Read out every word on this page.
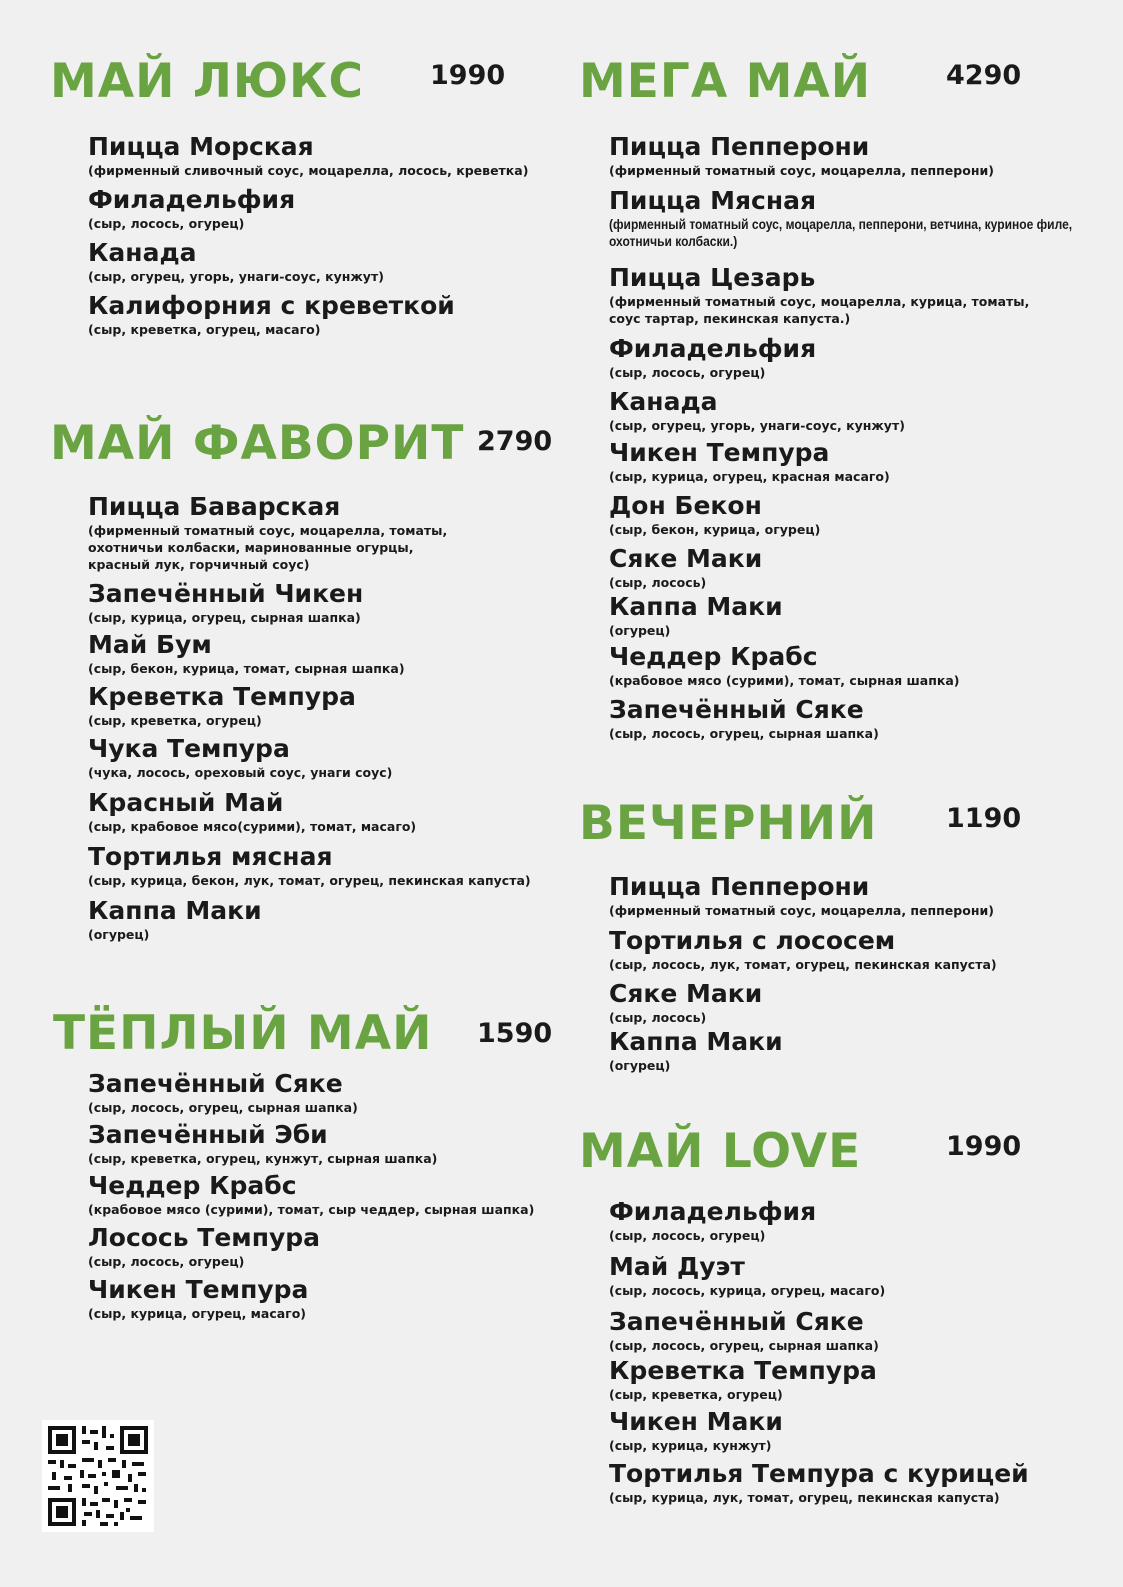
МАЙ ЛЮКС 1990
Пицца Морская
(фирменный сливочный соус, моцарелла, лосось, креветка)
Филадельфия
(сыр, лосось, огурец)
Канада
(сыр, огурец, угорь, унаги-соус, кунжут)
Калифорния с креветкой
(сыр, креветка, огурец, масаго)
МАЙ ФАВОРИТ 2790
Пицца Баварская
(фирменный томатный соус, моцарелла, томаты,
охотничьи колбаски, маринованные огурцы,
красный лук, горчичный соус)
Запечённый Чикен
(сыр, курица, огурец, сырная шапка)
Май Бум
(сыр, бекон, курица, томат, сырная шапка)
Креветка Темпура
(сыр, креветка, огурец)
Чука Темпура
(чука, лосось, ореховый соус, унаги соус)
Красный Май
(сыр, крабовое мясо(сурими), томат, масаго)
Тортилья мясная
(сыр, курица, бекон, лук, томат, огурец, пекинская капуста)
Каппа Маки
(огурец)
ТЁПЛЫЙ МАЙ 1590
Запечённый Сяке
(сыр, лосось, огурец, сырная шапка)
Запечённый Эби
(сыр, креветка, огурец, кунжут, сырная шапка)
Чеддер Крабс
(крабовое мясо (сурими), томат, сыр чеддер, сырная шапка)
Лосось Темпура
(сыр, лосось, огурец)
Чикен Темпура
(сыр, курица, огурец, масаго)
МЕГА МАЙ	4290
Пицца Пепперони
(фирменный томатный соус, моцарелла, пепперони)
Пицца Мясная
(фирменный томатный соус, моцарелла, пепперони, ветчина, куриное филе,
охотничьи колбаски.)
Пицца Цезарь
(фирменный томатный соус, моцарелла, курица, томаты,
соус тартар, пекинская капуста.)
Филадельфия
(сыр, лосось, огурец)
Канада
(сыр, огурец, угорь, унаги-соус, кунжут)
Чикен Темпура
(сыр, курица, огурец, красная масаго)
Дон Бекон
(сыр, бекон, курица, огурец)
Сяке Маки
(сыр, лосось)
Каппа Маки
(огурец)
Чеддер Крабс
(крабовое мясо (сурими), томат, сырная шапка)
Запечённый Сяке
(сыр, лосось, огурец, сырная шапка)
ВЕЧЕРНИЙ	1190
Пицца Пепперони
(фирменный томатный соус, моцарелла, пепперони)
Тортилья с лососем
(сыр, лосось, лук, томат, огурец, пекинская капуста)
Сяке Маки
(сыр, лосось)
Каппа Маки
(огурец)
МАЙ LOVE	1990
Филадельфия
(сыр, лосось, огурец)
Май Дуэт
(сыр, лосось, курица, огурец, масаго)
Запечённый Сяке
(сыр, лосось, огурец, сырная шапка)
Креветка Темпура
(сыр, креветка, огурец)
Чикен Маки
(сыр, курица, кунжут)
Тортилья Темпура с курицей
(сыр, курица, лук, томат, огурец, пекинская капуста)
